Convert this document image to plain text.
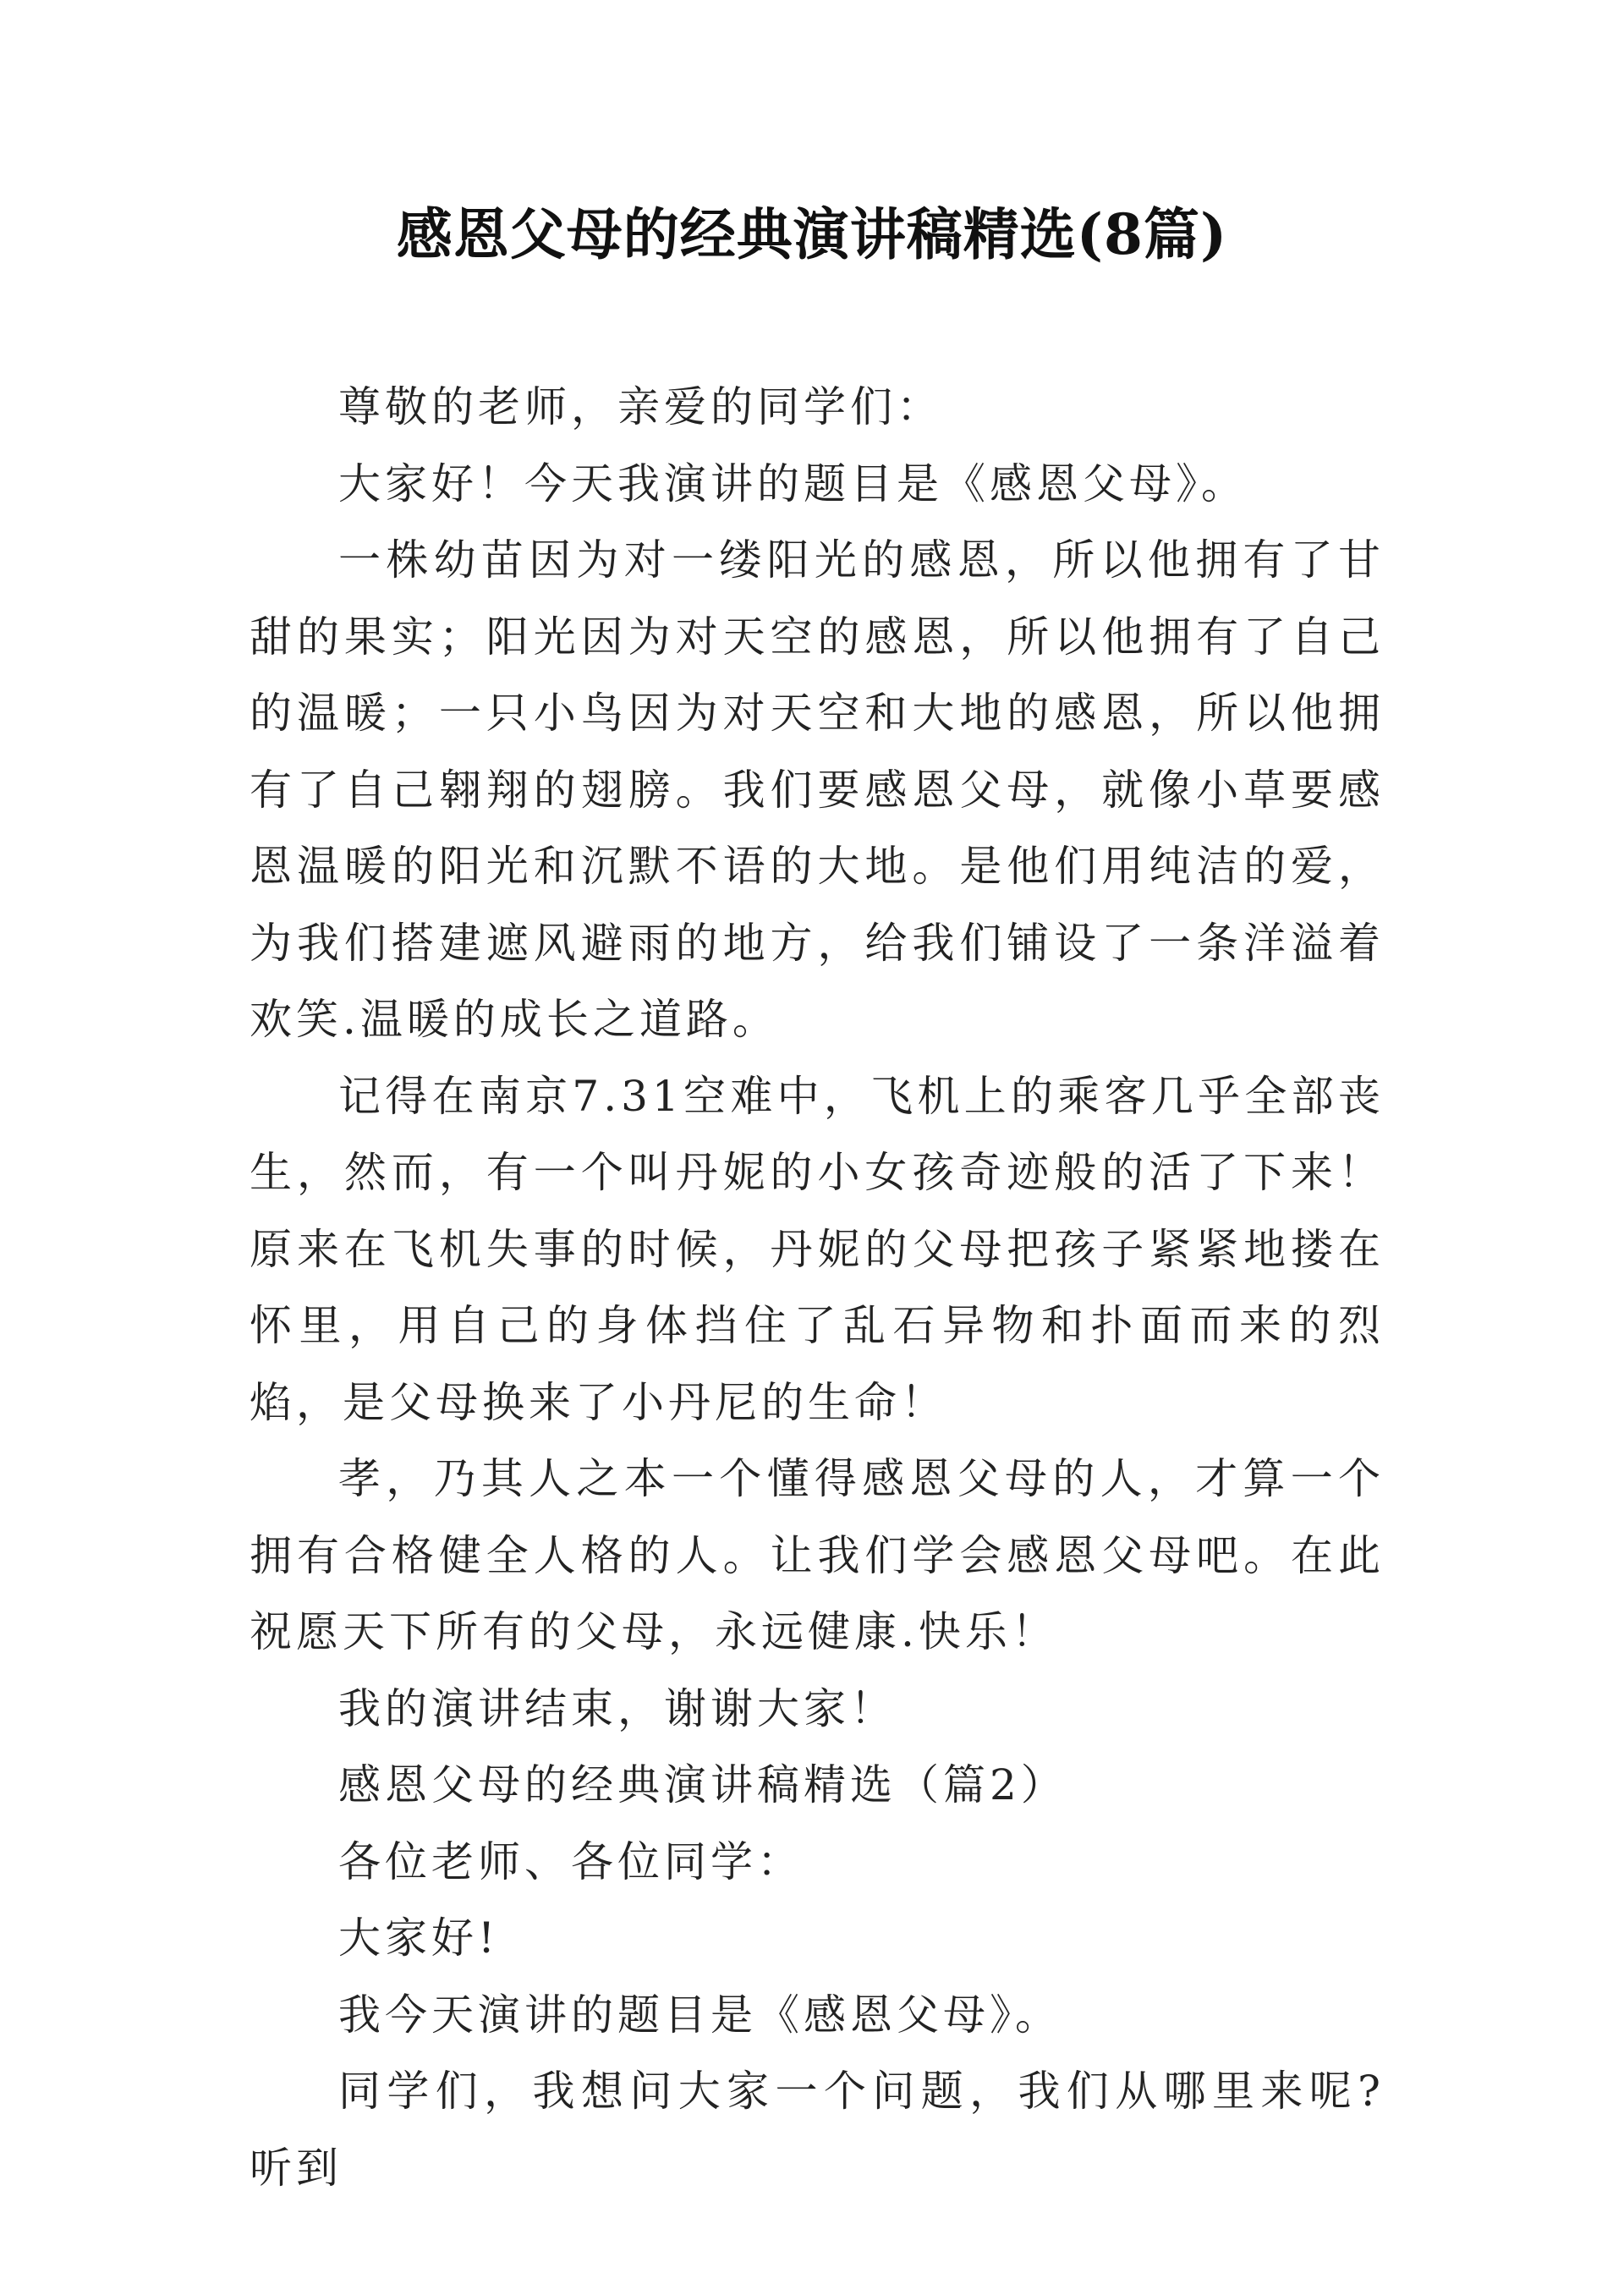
感恩父母的经典演讲稿精选(8篇)

尊敬的老师，亲爱的同学们：

大家好！今天我演讲的题目是《感恩父母》。

一株幼苗因为对一缕阳光的感恩，所以他拥有了甘甜的果实；阳光因为对天空的感恩，所以他拥有了自己的温暖；一只小鸟因为对天空和大地的感恩，所以他拥有了自己翱翔的翅膀。我们要感恩父母，就像小草要感恩温暖的阳光和沉默不语的大地。是他们用纯洁的爱，为我们搭建遮风避雨的地方，给我们铺设了一条洋溢着欢笑.温暖的成长之道路。

记得在南京7.31空难中，飞机上的乘客几乎全部丧生，然而，有一个叫丹妮的小女孩奇迹般的活了下来！原来在飞机失事的时候，丹妮的父母把孩子紧紧地搂在怀里，用自己的身体挡住了乱石异物和扑面而来的烈焰，是父母换来了小丹尼的生命！

孝，乃其人之本一个懂得感恩父母的人，才算一个拥有合格健全人格的人。让我们学会感恩父母吧。在此祝愿天下所有的父母，永远健康.快乐！

我的演讲结束，谢谢大家！

感恩父母的经典演讲稿精选（篇2）

各位老师、各位同学：

大家好!

我今天演讲的题目是《感恩父母》。

同学们，我想问大家一个问题，我们从哪里来呢?听到
